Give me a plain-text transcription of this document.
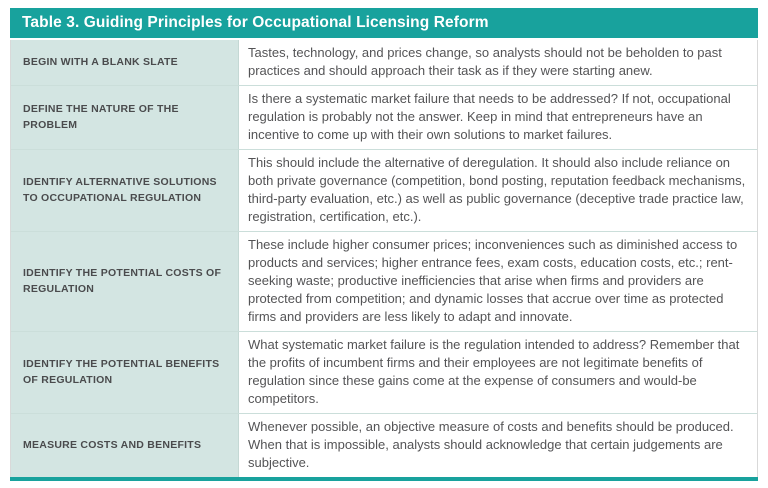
Table 3. Guiding Principles for Occupational Licensing Reform
BEGIN WITH A BLANK SLATE
Tastes, technology, and prices change, so analysts should not be beholden to past practices and should approach their task as if they were starting anew.
DEFINE THE NATURE OF THE PROBLEM
Is there a systematic market failure that needs to be addressed? If not, occupational regulation is probably not the answer. Keep in mind that entrepreneurs have an incentive to come up with their own solutions to market failures.
IDENTIFY ALTERNATIVE SOLUTIONS TO OCCUPATIONAL REGULATION
This should include the alternative of deregulation. It should also include reliance on both private governance (competition, bond posting, reputation feedback mechanisms, third-party evaluation, etc.) as well as public governance (deceptive trade practice law, registration, certification, etc.).
IDENTIFY THE POTENTIAL COSTS OF REGULATION
These include higher consumer prices; inconveniences such as diminished access to products and services; higher entrance fees, exam costs, education costs, etc.; rent-seeking waste; productive inefficiencies that arise when firms and providers are protected from competition; and dynamic losses that accrue over time as protected firms and providers are less likely to adapt and innovate.
IDENTIFY THE POTENTIAL BENEFITS OF REGULATION
What systematic market failure is the regulation intended to address? Remember that the profits of incumbent firms and their employees are not legitimate benefits of regulation since these gains come at the expense of consumers and would-be competitors.
MEASURE COSTS AND BENEFITS
Whenever possible, an objective measure of costs and benefits should be produced. When that is impossible, analysts should acknowledge that certain judgements are subjective.
